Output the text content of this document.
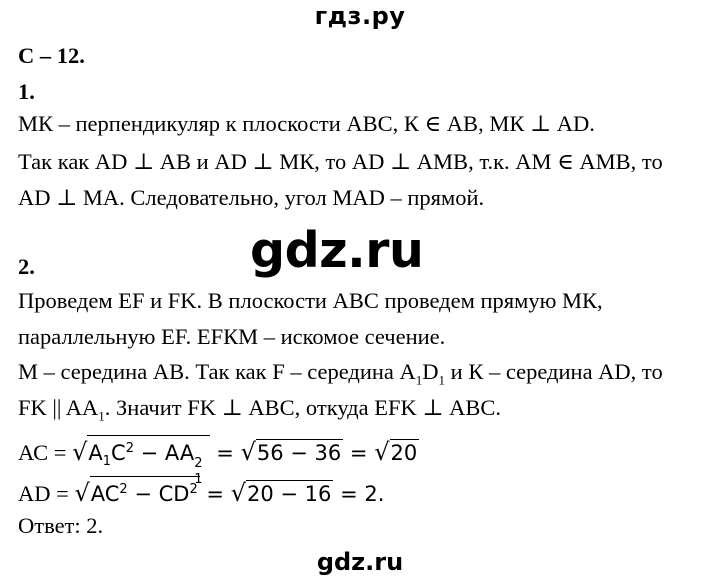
гдз.ру
С – 12.
1.
МК – перпендикуляр к плоскости АВС, К ∈ АВ, МК ⊥ АD.
Так как АD ⊥ АВ и АD ⊥ МК, то АD ⊥ АМВ, т.к. АМ ∈ АМВ, то
АD ⊥ МА. Следовательно, угол МАD – прямой.
gdz.ru
2.
Проведем ЕF и FK. В плоскости АВС проведем прямую МК,
параллельную ЕF. ЕFКМ – искомое сечение.
М – середина АВ. Так как F – середина $A_1D_1$ и К – середина АD, то
FK || $AA_1$. Значит FK ⊥ АВС, откуда ЕFK ⊥ АВС.
АС = $√A_1C^2$ − AA 2
1
= √56 − 36 = √20
АD = $√AC^2 - CD^2 = √20 - 16 = 2$.
Ответ: 2.
gdz.ru
